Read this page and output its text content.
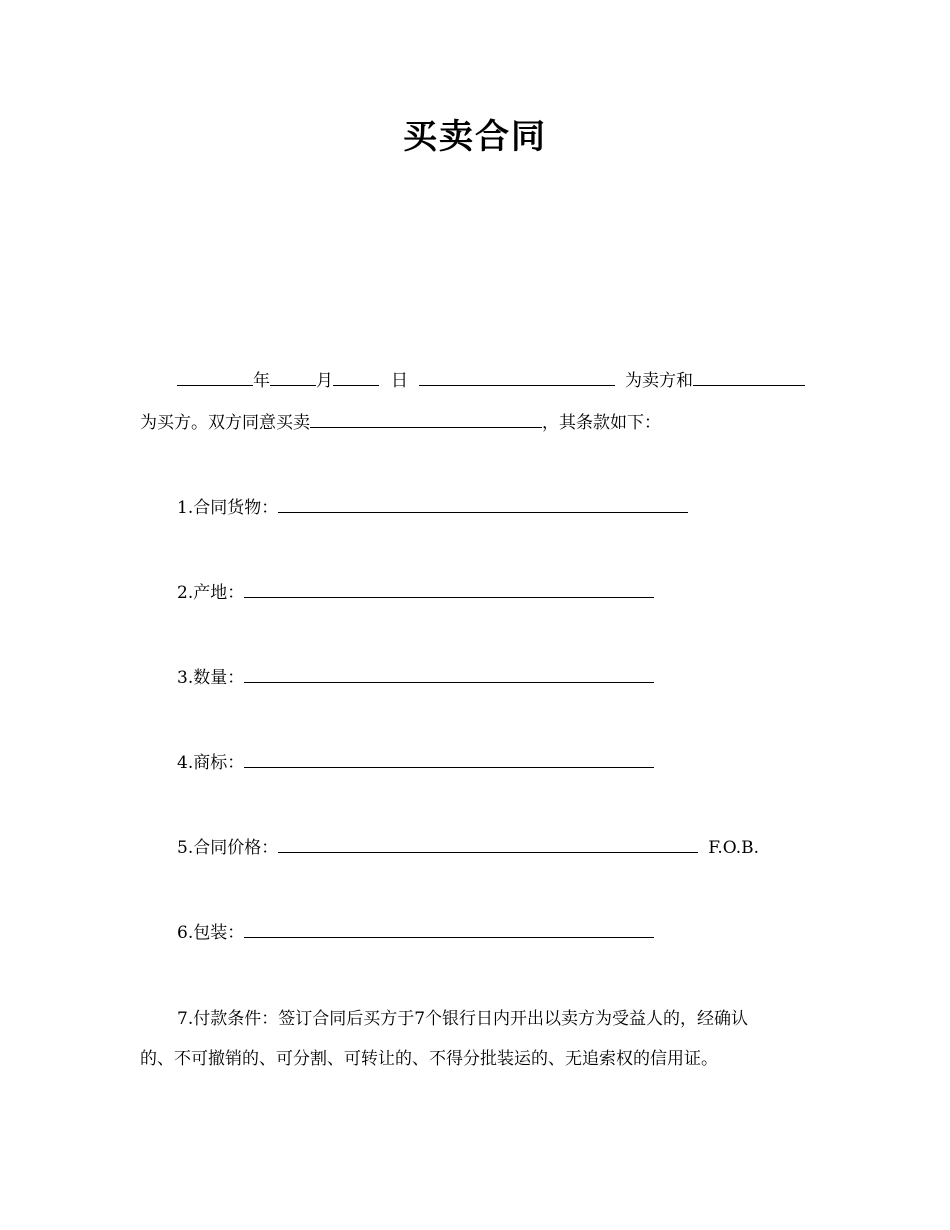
买卖合同
年	月	日	为卖方和
为买方。双方同意买卖	，其条款如下：
1.合同货物：
2.产地：
3.数量：
4.商标：
5.合同价格：	F.O.B.
6.包装：
7.付款条件：签订合同后买方于7个银行日内开出以卖方为受益人的，经确认
的、不可撤销的、可分割、可转让的、不得分批装运的、无追索权的信用证。
